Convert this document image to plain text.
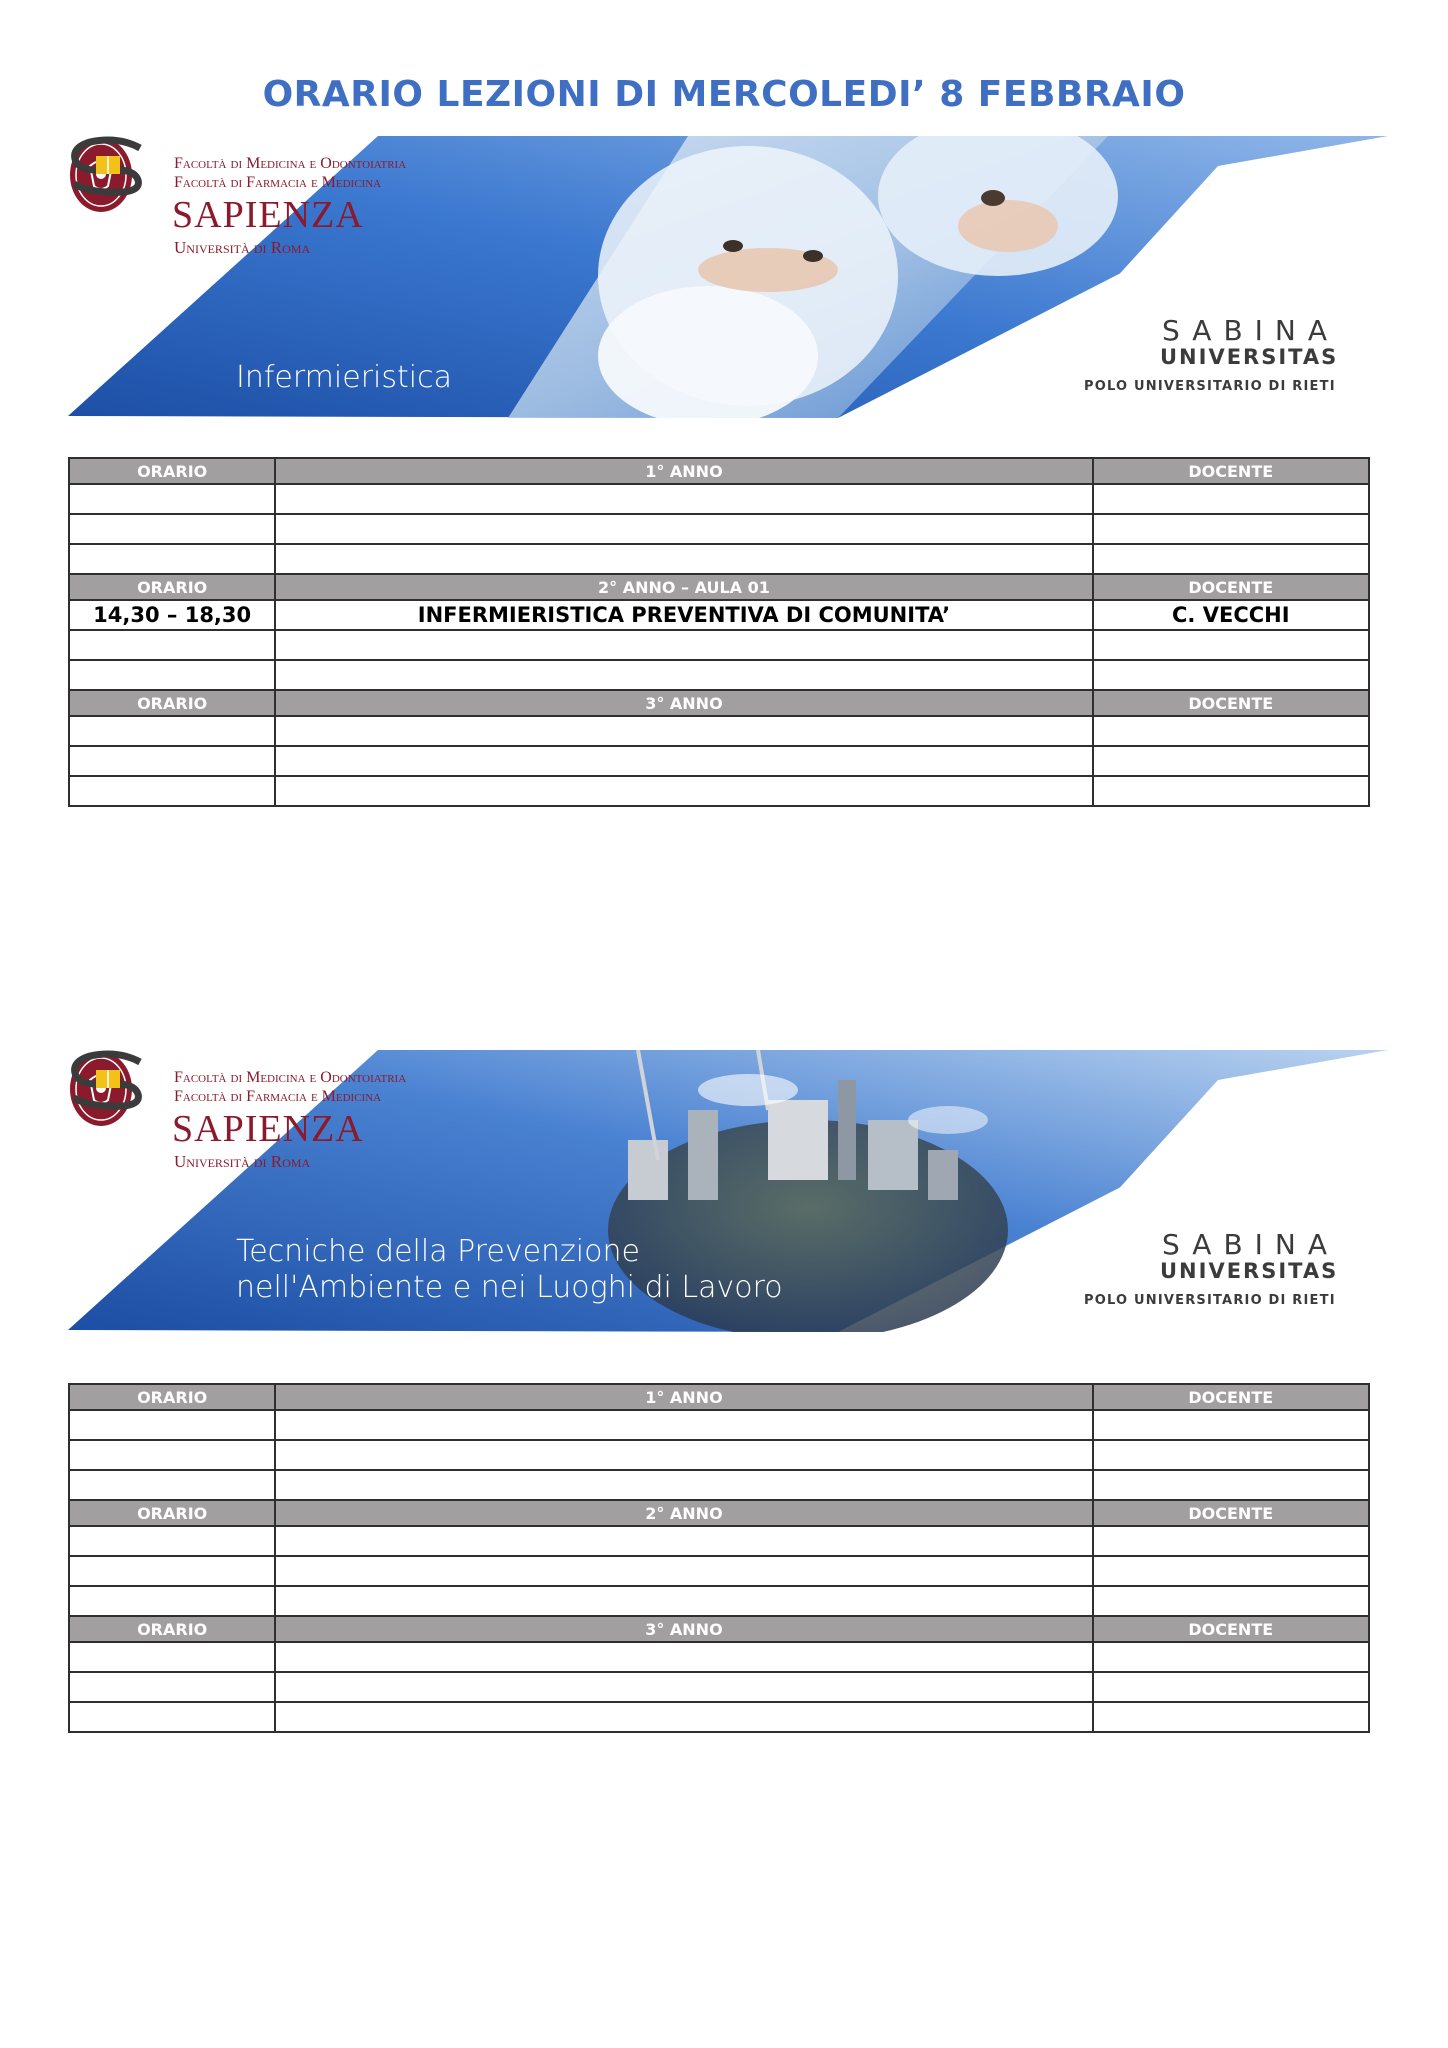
ORARIO LEZIONI DI MERCOLEDI’ 8 FEBBRAIO

Facoltà di Medicina e Odontoiatria

Facoltà di Farmacia e Medicina

SAPIENZA

Università di Roma

Infermieristica

SABINA

UNIVERSITAS

POLO UNIVERSITARIO DI RIETI

ORARIO	1° ANNO	DOCENTE

ORARIO	2° ANNO – AULA 01	DOCENTE
14,30 – 18,30	INFERMIERISTICA PREVENTIVA DI COMUNITA’	C. VECCHI

ORARIO	3° ANNO	DOCENTE

Facoltà di Medicina e Odontoiatria

Facoltà di Farmacia e Medicina

SAPIENZA

Università di Roma

Tecniche della Prevenzione

nell'Ambiente e nei Luoghi di Lavoro

SABINA

UNIVERSITAS

POLO UNIVERSITARIO DI RIETI

ORARIO	1° ANNO	DOCENTE

ORARIO	2° ANNO	DOCENTE

ORARIO	3° ANNO	DOCENTE
